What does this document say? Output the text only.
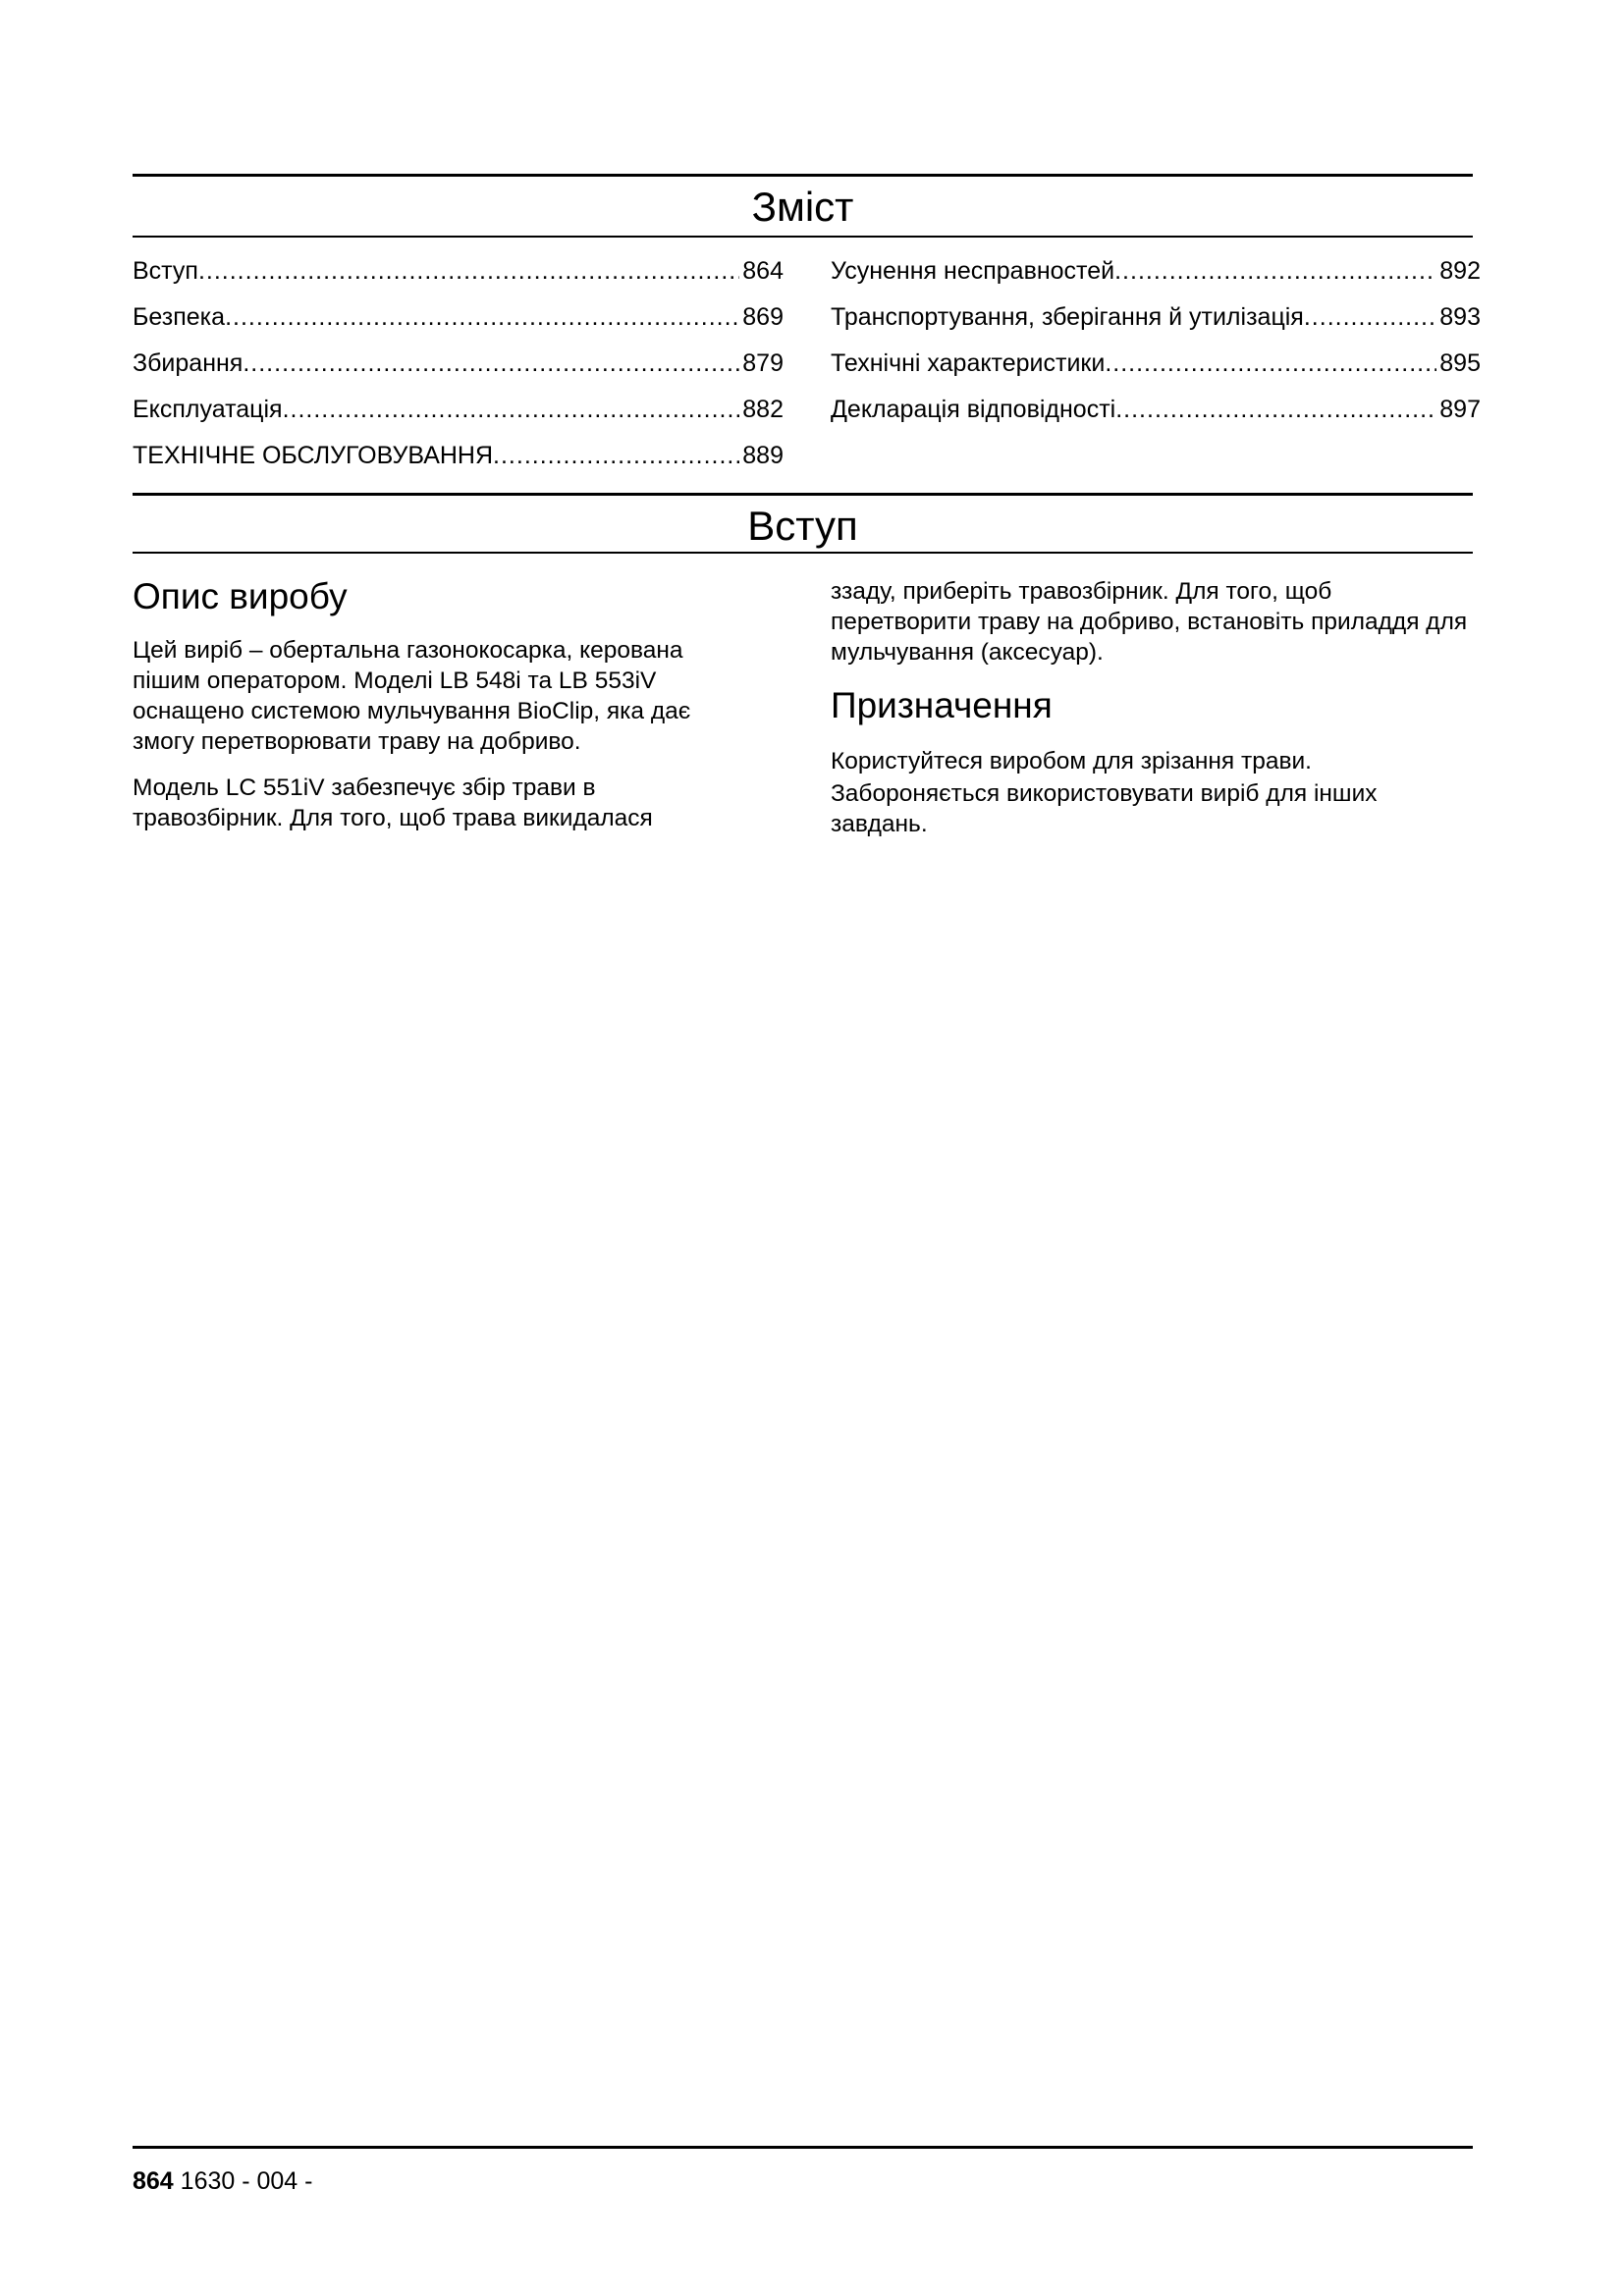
Зміст
Вступ .....	864
Безпека .....	869
Збирання .....	879
Експлуатація .....	882
ТЕХНІЧНЕ ОБСЛУГОВУВАННЯ .....	889
Усунення несправностей .....	892
Транспортування, зберігання й утилізація .....	893
Технічні характеристики .....	895
Декларація відповідності .....	897
Вступ
Опис виробу

Цей виріб – обертальна газонокосарка, керована пішим оператором. Моделі LB 548i та LB 553iV оснащено системою мульчування BioClip, яка дає змогу перетворювати траву на добриво.

Модель LC 551iV забезпечує збір трави в травозбірник. Для того, щоб трава викидалася

ззаду, приберіть травозбірник. Для того, щоб перетворити траву на добриво, встановіть приладдя для мульчування (аксесуар).

Призначення

Користуйтеся виробом для зрізання трави.

Забороняється використовувати виріб для інших завдань.

864 1630 - 004 -
